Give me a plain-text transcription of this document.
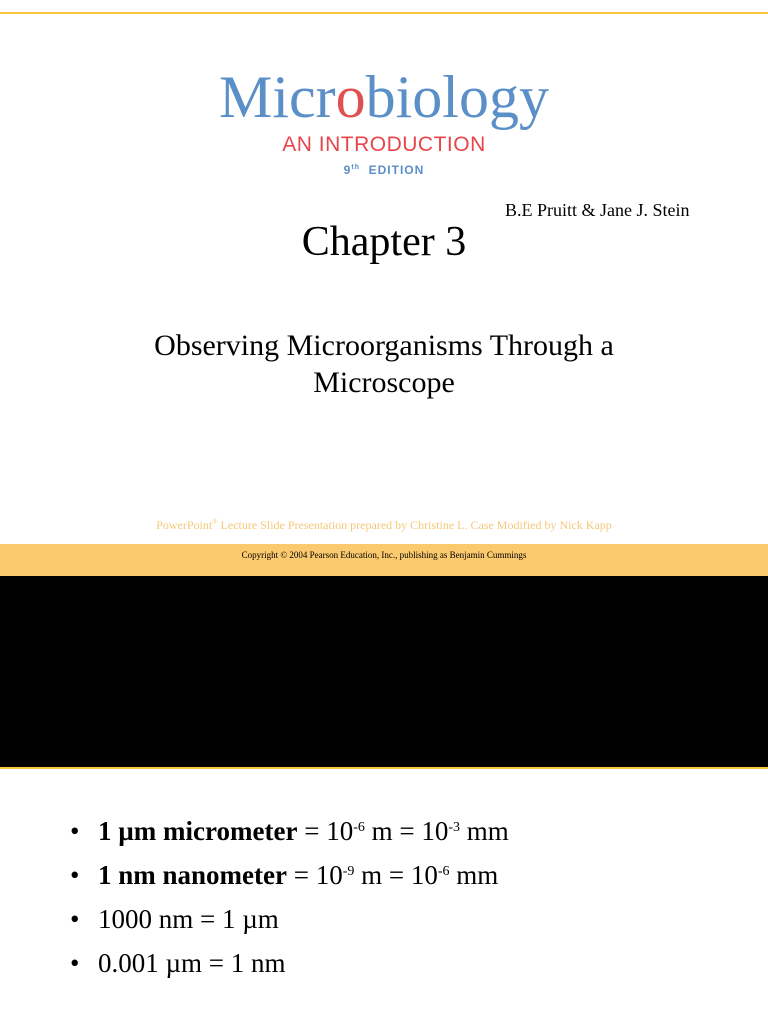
Microbiology
AN INTRODUCTION
9th EDITION
B.E Pruitt & Jane J. Stein
Chapter 3
Observing Microorganisms Through a
Microscope
PowerPoint® Lecture Slide Presentation prepared by Christine L. Case Modified by Nick Kapp
Copyright © 2004 Pearson Education, Inc., publishing as Benjamin Cummings
• 1 µm micrometer = $10^{-6}$ $m = 10^{-3}$ mm
• 1 nm nanometer = $10^{-9}$ $m = 10^{-6}$ mm
• 1000 nm = 1 µm
• 0.001 µm = 1 nm
